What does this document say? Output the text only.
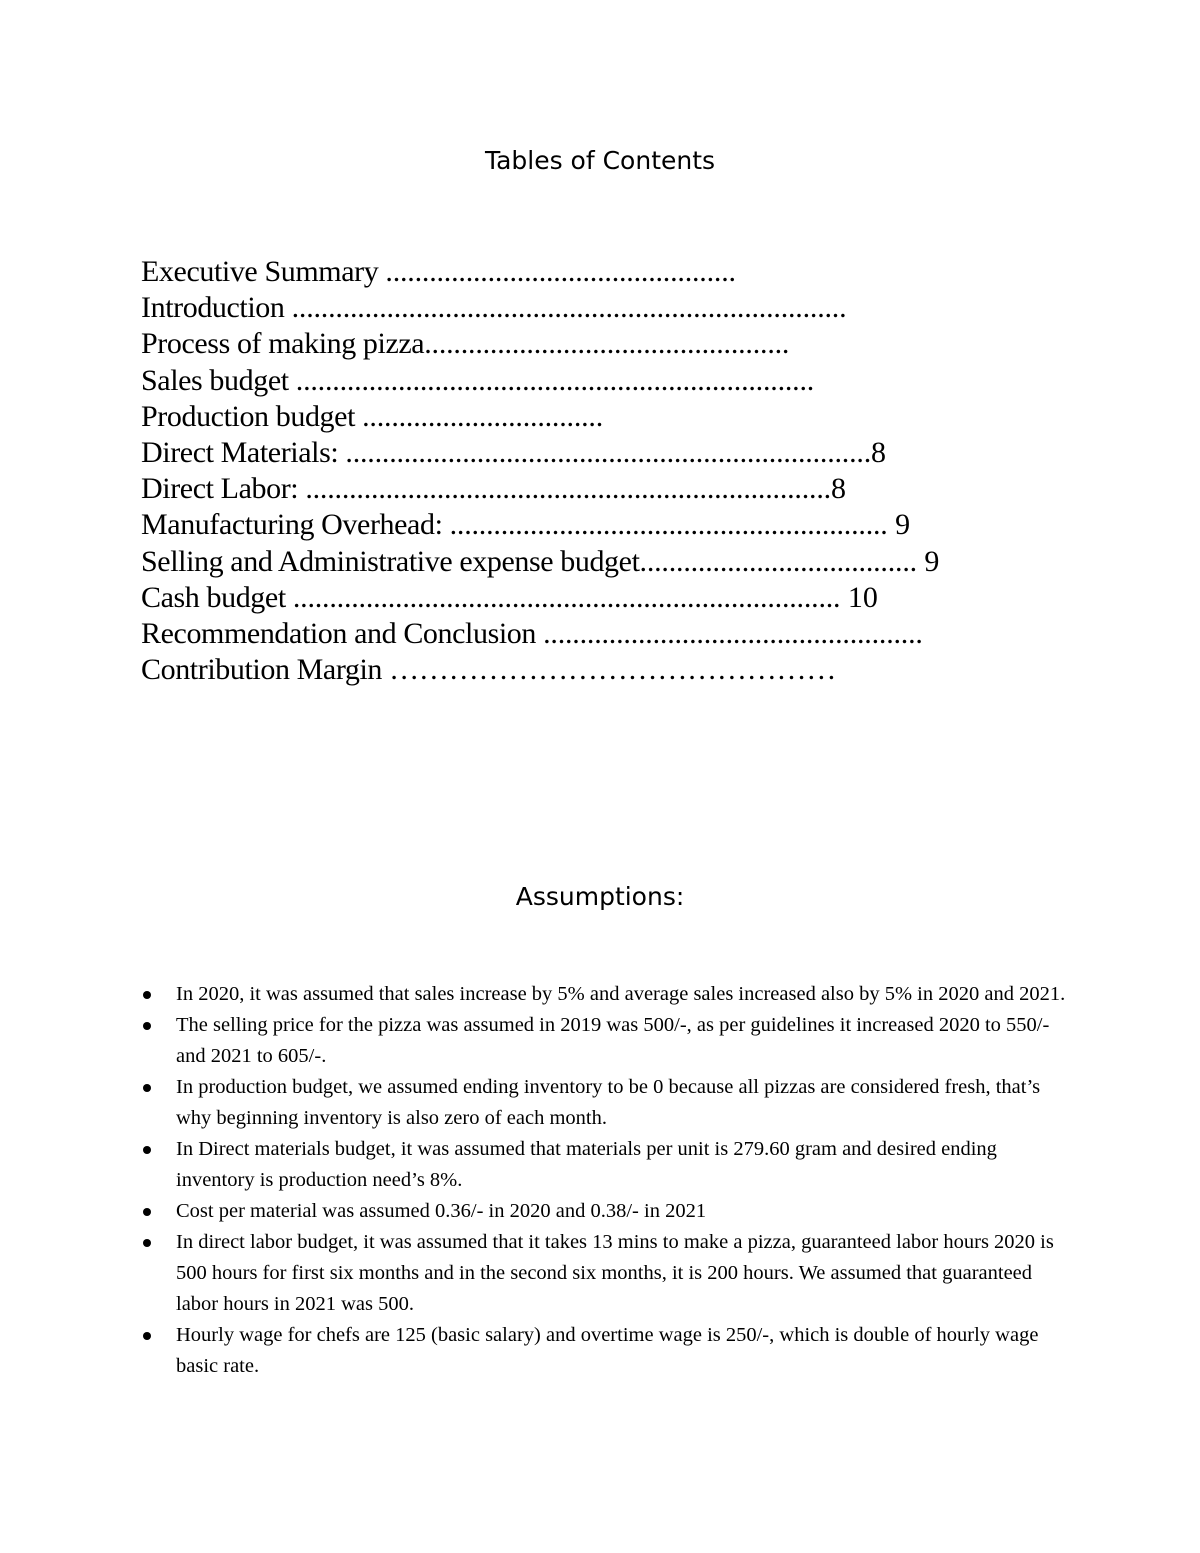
Tables of Contents
Executive Summary ................................................
Introduction ............................................................................
Process of making pizza..................................................
Sales budget .......................................................................
Production budget .................................
Direct Materials: ........................................................................8
Direct Labor: ........................................................................8
Manufacturing Overhead: ............................................................ 9
Selling and Administrative expense budget...................................... 9
Cash budget ........................................................................... 10
Recommendation and Conclusion ....................................................
Contribution Margin ………………………………………
Assumptions:
In 2020, it was assumed that sales increase by 5% and average sales increased also by 5% in 2020 and 2021.
The selling price for the pizza was assumed in 2019 was 500/-, as per guidelines it increased 2020 to 550/- and 2021 to 605/-.
In production budget, we assumed ending inventory to be 0 because all pizzas are considered fresh, that’s why beginning inventory is also zero of each month.
In Direct materials budget, it was assumed that materials per unit is 279.60 gram and desired ending inventory is production need’s 8%.
Cost per material was assumed 0.36/- in 2020 and 0.38/- in 2021
In direct labor budget, it was assumed that it takes 13 mins to make a pizza, guaranteed labor hours 2020 is 500 hours for first six months and in the second six months, it is 200 hours. We assumed that guaranteed labor hours in 2021 was 500.
Hourly wage for chefs are 125 (basic salary) and overtime wage is 250/-, which is double of hourly wage basic rate.
